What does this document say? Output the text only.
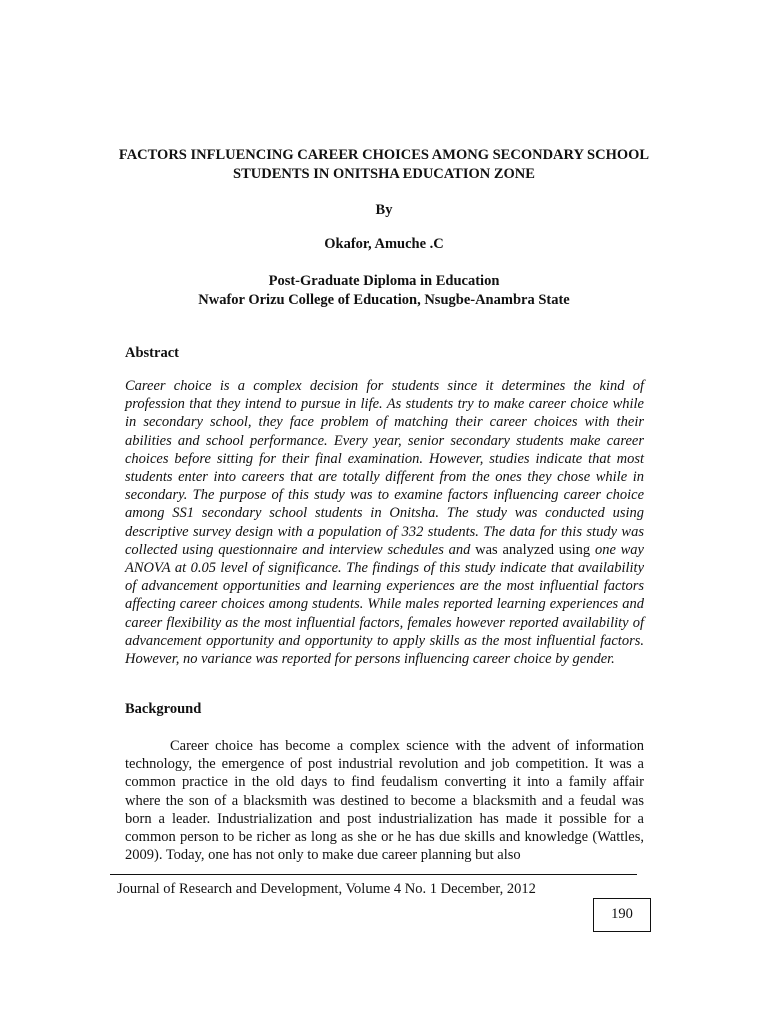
FACTORS INFLUENCING CAREER CHOICES AMONG SECONDARY SCHOOL STUDENTS IN ONITSHA EDUCATION ZONE
By
Okafor, Amuche .C
Post-Graduate Diploma in Education
Nwafor Orizu College of Education, Nsugbe-Anambra State
Abstract
Career choice is a complex decision for students since it determines the kind of profession that they intend to pursue in life. As students try to make career choice while in secondary school, they face problem of matching their career choices with their abilities and school performance. Every year, senior secondary students make career choices before sitting for their final examination. However, studies indicate that most students enter into careers that are totally different from the ones they chose while in secondary. The purpose of this study was to examine factors influencing career choice among SS1 secondary school students in Onitsha. The study was conducted using descriptive survey design with a population of 332 students. The data for this study was collected using questionnaire and interview schedules and was analyzed using one way ANOVA at 0.05 level of significance. The findings of this study indicate that availability of advancement opportunities and learning experiences are the most influential factors affecting career choices among students. While males reported learning experiences and career flexibility as the most influential factors, females however reported availability of advancement opportunity and opportunity to apply skills as the most influential factors. However, no variance was reported for persons influencing career choice by gender.
Background
Career choice has become a complex science with the advent of information technology, the emergence of post industrial revolution and job competition. It was a common practice in the old days to find feudalism converting it into a family affair where the son of a blacksmith was destined to become a blacksmith and a feudal was born a leader. Industrialization and post industrialization has made it possible for a common person to be richer as long as she or he has due skills and knowledge (Wattles, 2009). Today, one has not only to make due career planning but also
Journal of Research and Development, Volume 4 No. 1 December, 2012
190
